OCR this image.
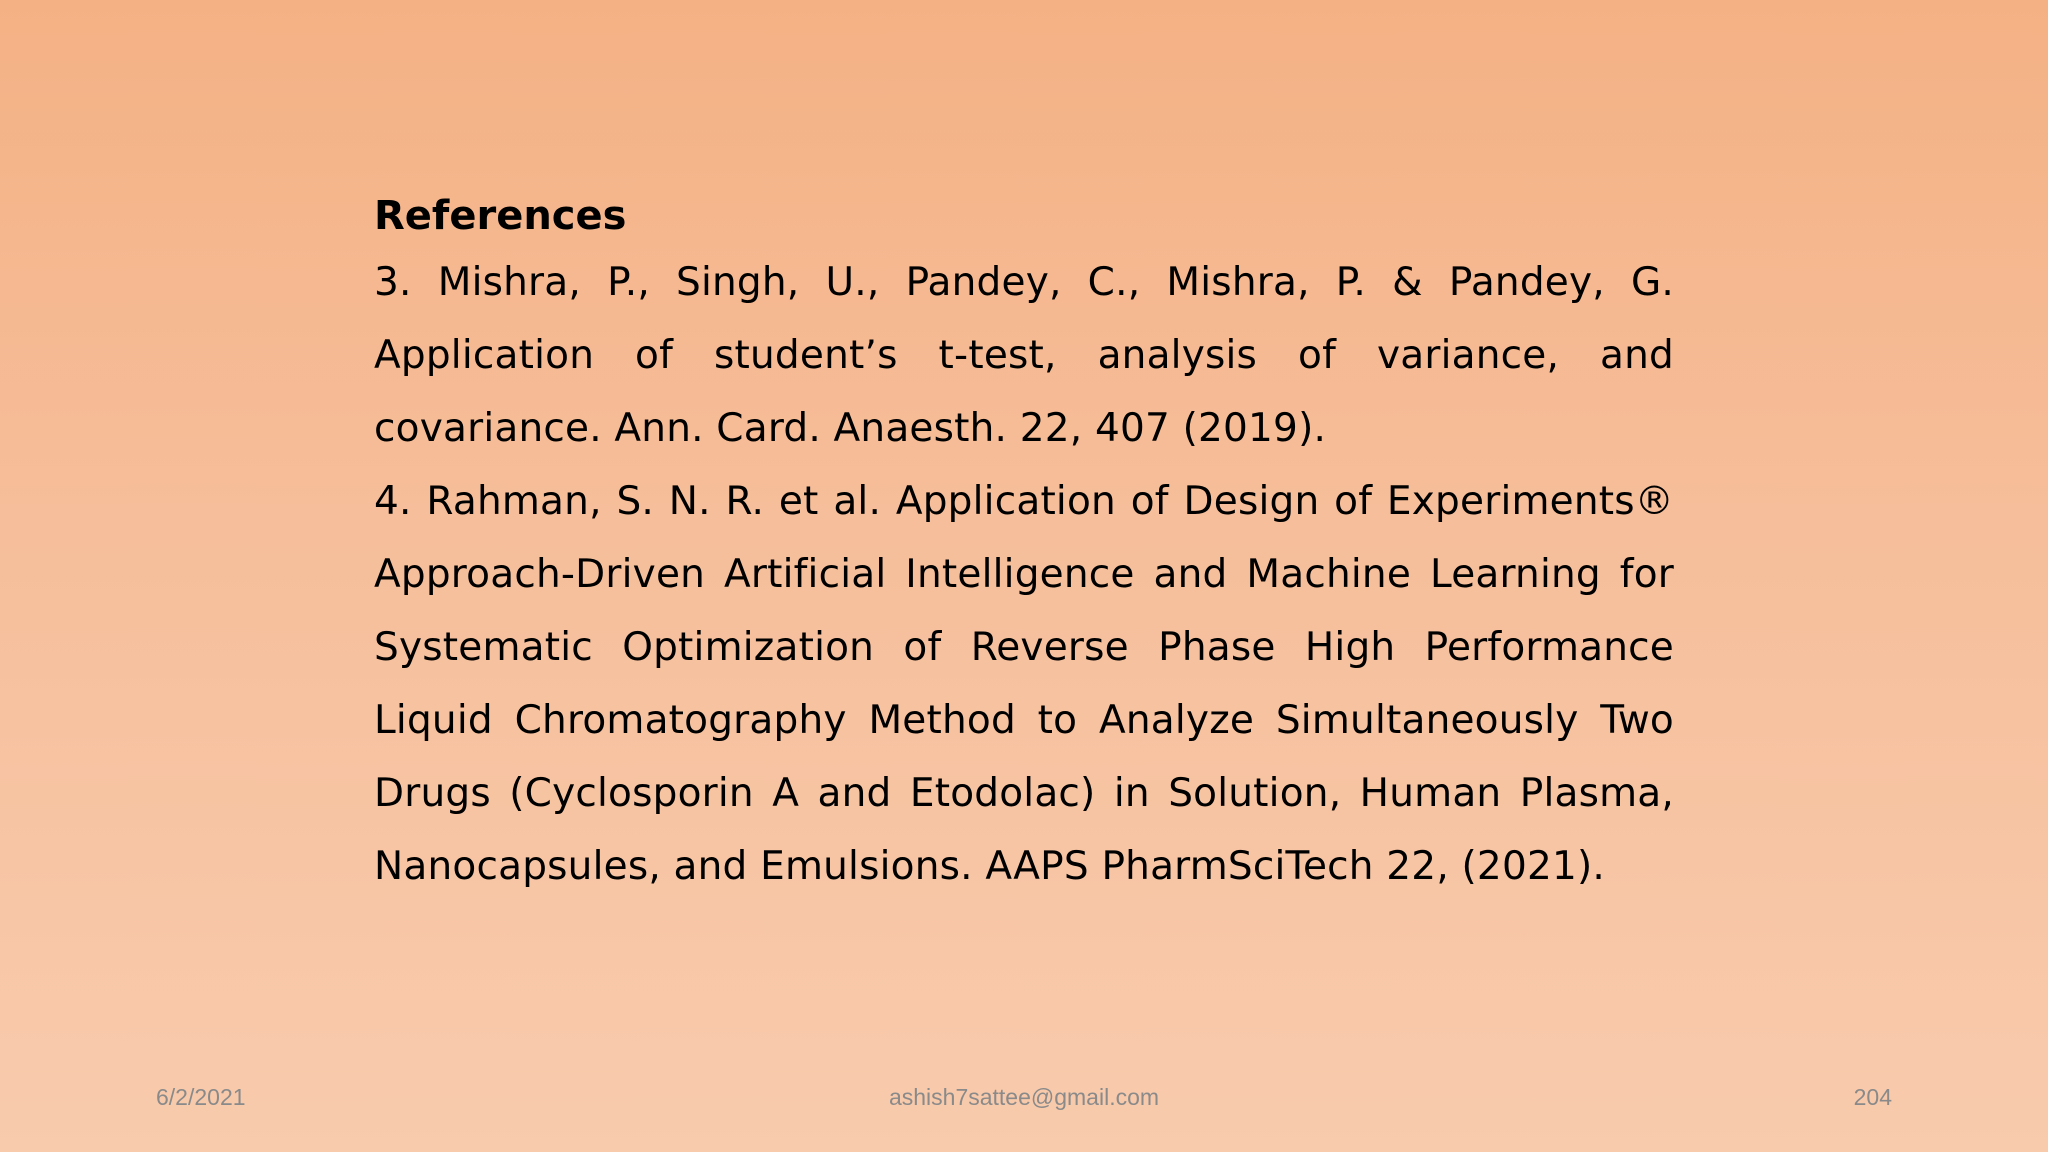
References

3. Mishra, P., Singh, U., Pandey, C., Mishra, P. & Pandey, G. Application of student’s t-test, analysis of variance, and covariance. Ann. Card. Anaesth. 22, 407 (2019).

4. Rahman, S. N. R. et al. Application of Design of Experiments® Approach-Driven Artificial Intelligence and Machine Learning for Systematic Optimization of Reverse Phase High Performance Liquid Chromatography Method to Analyze Simultaneously Two Drugs (Cyclosporin A and Etodolac) in Solution, Human Plasma, Nanocapsules, and Emulsions. AAPS PharmSciTech 22, (2021).

6/2/2021	ashish7sattee@gmail.com	204
